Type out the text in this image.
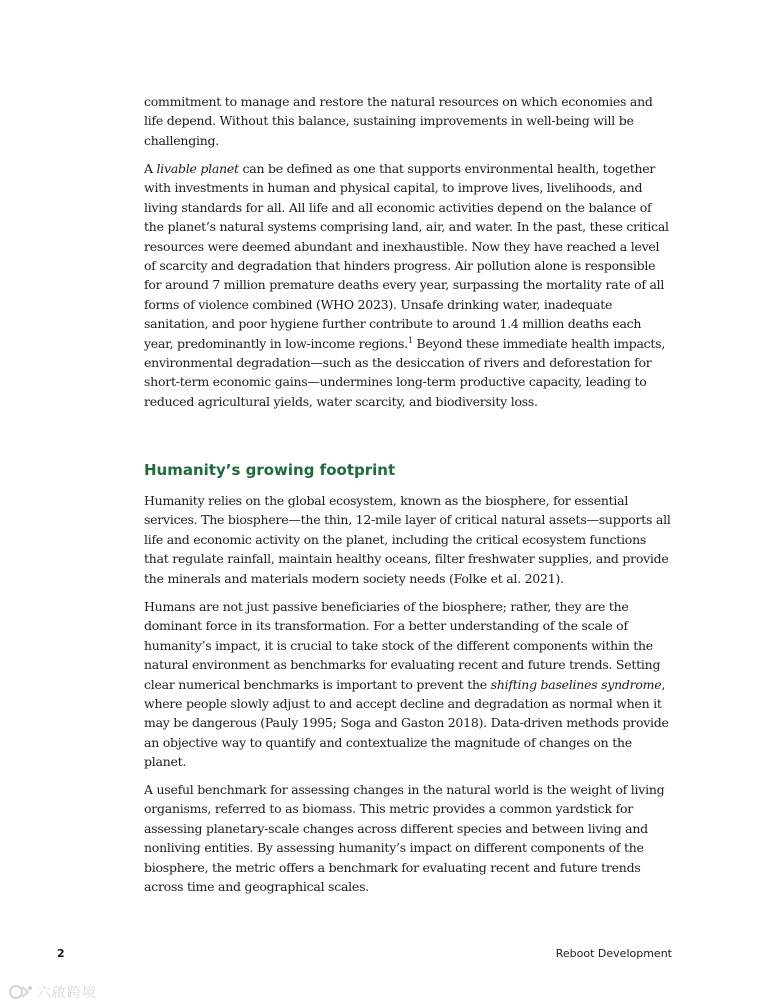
commitment to manage and restore the natural resources on which economies and life depend. Without this balance, sustaining improvements in well-being will be challenging.

A livable planet can be defined as one that supports environmental health, together with investments in human and physical capital, to improve lives, livelihoods, and living standards for all. All life and all economic activities depend on the balance of the planet’s natural systems comprising land, air, and water. In the past, these critical resources were deemed abundant and inexhaustible. Now they have reached a level of scarcity and degradation that hinders progress. Air pollution alone is responsible for around 7 million premature deaths every year, surpassing the mortality rate of all forms of violence combined (WHO 2023). Unsafe drinking water, inadequate sanitation, and poor hygiene further contribute to around 1.4 million deaths each year, predominantly in low-income regions.$^1$ Beyond these immediate health impacts, environmental degradation—such as the desiccation of rivers and deforestation for short-term economic gains—undermines long-term productive capacity, leading to reduced agricultural yields, water scarcity, and biodiversity loss.

Humanity’s growing footprint

Humanity relies on the global ecosystem, known as the biosphere, for essential services. The biosphere—the thin, 12-mile layer of critical natural assets—supports all life and economic activity on the planet, including the critical ecosystem functions that regulate rainfall, maintain healthy oceans, filter freshwater supplies, and provide the minerals and materials modern society needs (Folke et al. 2021).

Humans are not just passive beneficiaries of the biosphere; rather, they are the dominant force in its transformation. For a better understanding of the scale of humanity’s impact, it is crucial to take stock of the different components within the natural environment as benchmarks for evaluating recent and future trends. Setting clear numerical benchmarks is important to prevent the shifting baselines syndrome, where people slowly adjust to and accept decline and degradation as normal when it may be dangerous (Pauly 1995; Soga and Gaston 2018). Data-driven methods provide an objective way to quantify and contextualize the magnitude of changes on the planet.

A useful benchmark for assessing changes in the natural world is the weight of living organisms, referred to as biomass. This metric provides a common yardstick for assessing planetary-scale changes across different species and between living and nonliving entities. By assessing humanity’s impact on different components of the biosphere, the metric offers a benchmark for evaluating recent and future trends across time and geographical scales.

2	Reboot Development
六啟跨境
